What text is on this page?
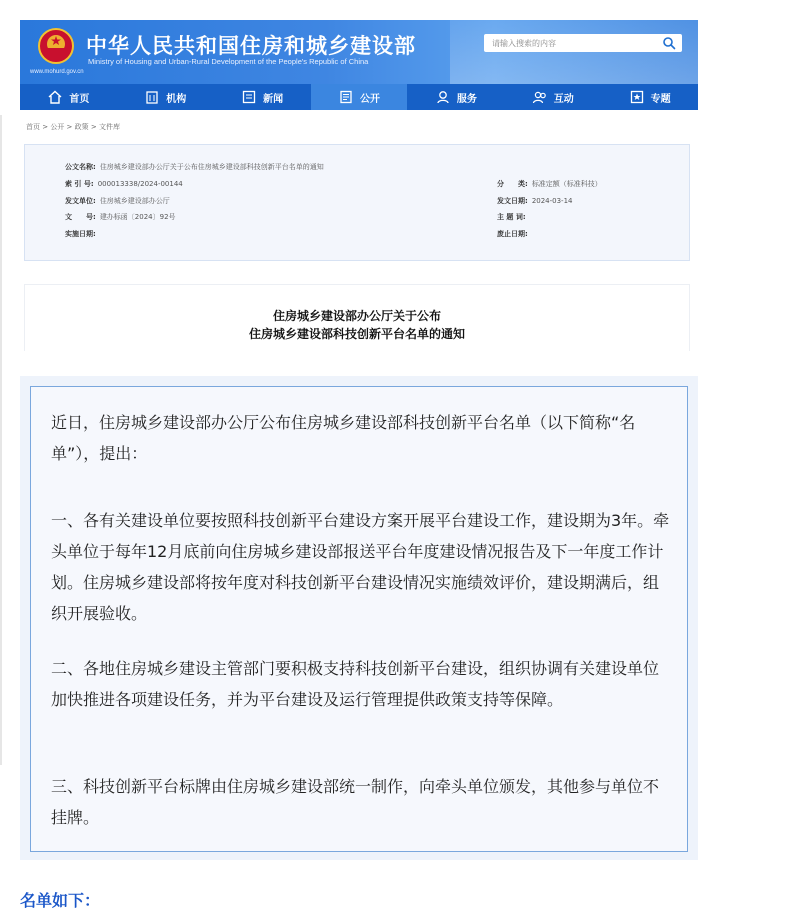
中华人民共和国住房和城乡建设部
Ministry of Housing and Urban-Rural Development of the People's Republic of China
www.mohurd.gov.cn
请输入搜索的内容
首页	机构	新闻	公开	服务	互动	专题
首页 > 公开 > 政策 > 文件库
公文名称: 住房城乡建设部办公厅关于公布住房城乡建设部科技创新平台名单的通知
索 引 号: 000013338/2024-00144	分　　类: 标准定额（标准科技）
发文单位: 住房城乡建设部办公厅	发文日期: 2024-03-14
文　　号: 建办标函〔2024〕92号	主 题 词:
实施日期:	废止日期:
住房城乡建设部办公厅关于公布
住房城乡建设部科技创新平台名单的通知

近日，住房城乡建设部办公厅公布住房城乡建设部科技创新平台名单（以下简称“名单”），提出：

一、各有关建设单位要按照科技创新平台建设方案开展平台建设工作，建设期为3年。牵头单位于每年12月底前向住房城乡建设部报送平台年度建设情况报告及下一年度工作计划。住房城乡建设部将按年度对科技创新平台建设情况实施绩效评价，建设期满后，组织开展验收。

二、各地住房城乡建设主管部门要积极支持科技创新平台建设，组织协调有关建设单位加快推进各项建设任务，并为平台建设及运行管理提供政策支持等保障。

三、科技创新平台标牌由住房城乡建设部统一制作，向牵头单位颁发，其他参与单位不挂牌。

名单如下：
